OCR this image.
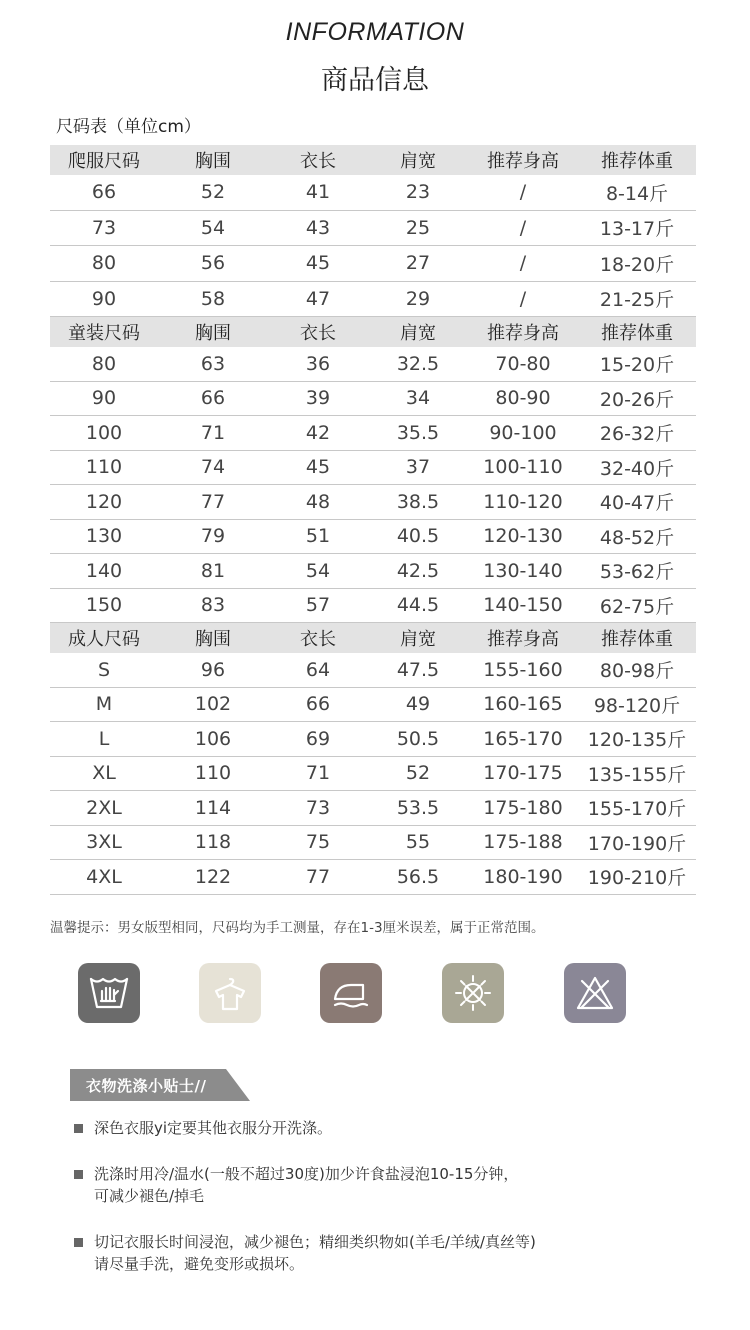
INFORMATION
商品信息
尺码表（单位cm）
爬服尺码	胸围	衣长	肩宽	推荐身高	推荐体重
66	52	41	23	/	8-14斤
73	54	43	25	/	13-17斤
80	56	45	27	/	18-20斤
90	58	47	29	/	21-25斤
童装尺码	胸围	衣长	肩宽	推荐身高	推荐体重
80	63	36	32.5	70-80	15-20斤
90	66	39	34	80-90	20-26斤
100	71	42	35.5	90-100	26-32斤
110	74	45	37	100-110	32-40斤
120	77	48	38.5	110-120	40-47斤
130	79	51	40.5	120-130	48-52斤
140	81	54	42.5	130-140	53-62斤
150	83	57	44.5	140-150	62-75斤
成人尺码	胸围	衣长	肩宽	推荐身高	推荐体重
S	96	64	47.5	155-160	80-98斤
M	102	66	49	160-165	98-120斤
L	106	69	50.5	165-170	120-135斤
XL	110	71	52	170-175	135-155斤
2XL	114	73	53.5	175-180	155-170斤
3XL	118	75	55	175-188	170-190斤
4XL	122	77	56.5	180-190	190-210斤
温馨提示：男女版型相同，尺码均为手工测量，存在1-3厘米误差，属于正常范围。
衣物洗涤小贴士//
深色衣服yi定要其他衣服分开洗涤。
洗涤时用冷/温水(一般不超过30度)加少许食盐浸泡10-15分钟，
可减少褪色/掉毛
切记衣服长时间浸泡，减少褪色；精细类织物如(羊毛/羊绒/真丝等)
请尽量手洗，避免变形或损坏。
